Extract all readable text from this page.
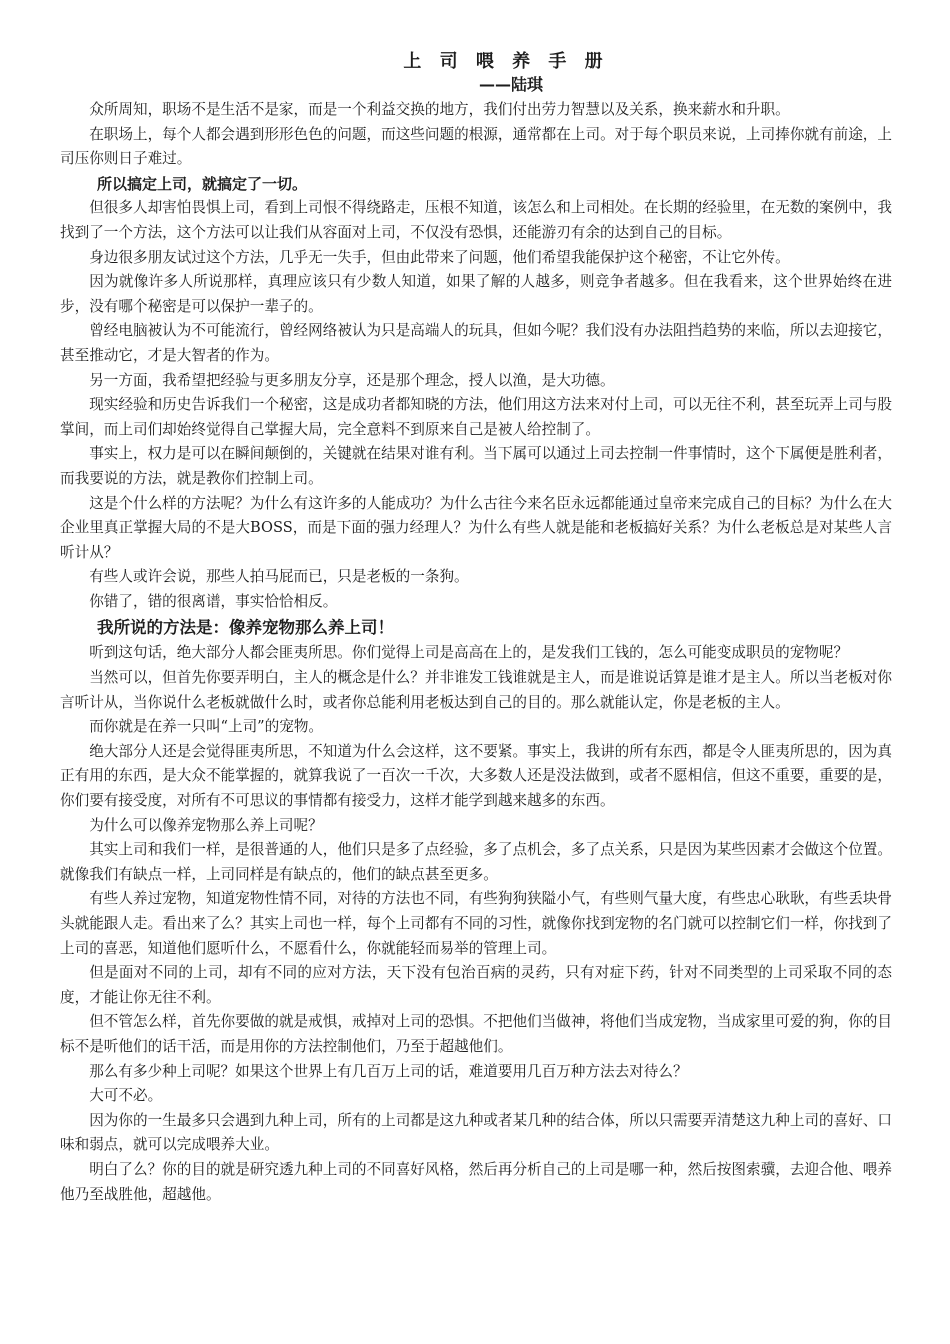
上 司 喂 养 手 册
——陆琪

众所周知，职场不是生活不是家，而是一个利益交换的地方，我们付出劳力智慧以及关系，换来薪水和升职。

在职场上，每个人都会遇到形形色色的问题，而这些问题的根源，通常都在上司。对于每个职员来说，上司捧你就有前途，上司压你则日子难过。

所以搞定上司，就搞定了一切。

但很多人却害怕畏惧上司，看到上司恨不得绕路走，压根不知道，该怎么和上司相处。在长期的经验里，在无数的案例中，我找到了一个方法，这个方法可以让我们从容面对上司，不仅没有恐惧，还能游刃有余的达到自己的目标。

身边很多朋友试过这个方法，几乎无一失手，但由此带来了问题，他们希望我能保护这个秘密，不让它外传。

因为就像许多人所说那样，真理应该只有少数人知道，如果了解的人越多，则竞争者越多。但在我看来，这个世界始终在进步，没有哪个秘密是可以保护一辈子的。

曾经电脑被认为不可能流行，曾经网络被认为只是高端人的玩具，但如今呢？我们没有办法阻挡趋势的来临，所以去迎接它，甚至推动它，才是大智者的作为。

另一方面，我希望把经验与更多朋友分享，还是那个理念，授人以渔，是大功德。

现实经验和历史告诉我们一个秘密，这是成功者都知晓的方法，他们用这方法来对付上司，可以无往不利，甚至玩弄上司与股掌间，而上司们却始终觉得自己掌握大局，完全意料不到原来自己是被人给控制了。

事实上，权力是可以在瞬间颠倒的，关键就在结果对谁有利。当下属可以通过上司去控制一件事情时，这个下属便是胜利者，而我要说的方法，就是教你们控制上司。

这是个什么样的方法呢？为什么有这许多的人能成功？为什么古往今来名臣永远都能通过皇帝来完成自己的目标？为什么在大企业里真正掌握大局的不是大BOSS，而是下面的强力经理人？为什么有些人就是能和老板搞好关系？为什么老板总是对某些人言听计从？

有些人或许会说，那些人拍马屁而已，只是老板的一条狗。

你错了，错的很离谱，事实恰恰相反。

我所说的方法是：像养宠物那么养上司！

听到这句话，绝大部分人都会匪夷所思。你们觉得上司是高高在上的，是发我们工钱的，怎么可能变成职员的宠物呢？

当然可以，但首先你要弄明白，主人的概念是什么？并非谁发工钱谁就是主人，而是谁说话算是谁才是主人。所以当老板对你言听计从，当你说什么老板就做什么时，或者你总能利用老板达到自己的目的。那么就能认定，你是老板的主人。

而你就是在养一只叫“上司”的宠物。

绝大部分人还是会觉得匪夷所思，不知道为什么会这样，这不要紧。事实上，我讲的所有东西，都是令人匪夷所思的，因为真正有用的东西，是大众不能掌握的，就算我说了一百次一千次，大多数人还是没法做到，或者不愿相信，但这不重要，重要的是，你们要有接受度，对所有不可思议的事情都有接受力，这样才能学到越来越多的东西。

为什么可以像养宠物那么养上司呢？

其实上司和我们一样，是很普通的人，他们只是多了点经验，多了点机会，多了点关系，只是因为某些因素才会做这个位置。就像我们有缺点一样，上司同样是有缺点的，他们的缺点甚至更多。

有些人养过宠物，知道宠物性情不同，对待的方法也不同，有些狗狗狭隘小气，有些则气量大度，有些忠心耿耿，有些丢块骨头就能跟人走。看出来了么？其实上司也一样，每个上司都有不同的习性，就像你找到宠物的名门就可以控制它们一样，你找到了上司的喜恶，知道他们愿听什么，不愿看什么，你就能轻而易举的管理上司。

但是面对不同的上司，却有不同的应对方法，天下没有包治百病的灵药，只有对症下药，针对不同类型的上司采取不同的态度，才能让你无往不利。

但不管怎么样，首先你要做的就是戒惧，戒掉对上司的恐惧。不把他们当做神，将他们当成宠物，当成家里可爱的狗，你的目标不是听他们的话干活，而是用你的方法控制他们，乃至于超越他们。

那么有多少种上司呢？如果这个世界上有几百万上司的话，难道要用几百万种方法去对待么？

大可不必。

因为你的一生最多只会遇到九种上司，所有的上司都是这九种或者某几种的结合体，所以只需要弄清楚这九种上司的喜好、口味和弱点，就可以完成喂养大业。

明白了么？你的目的就是研究透九种上司的不同喜好风格，然后再分析自己的上司是哪一种，然后按图索骥，去迎合他、喂养他乃至战胜他，超越他。
